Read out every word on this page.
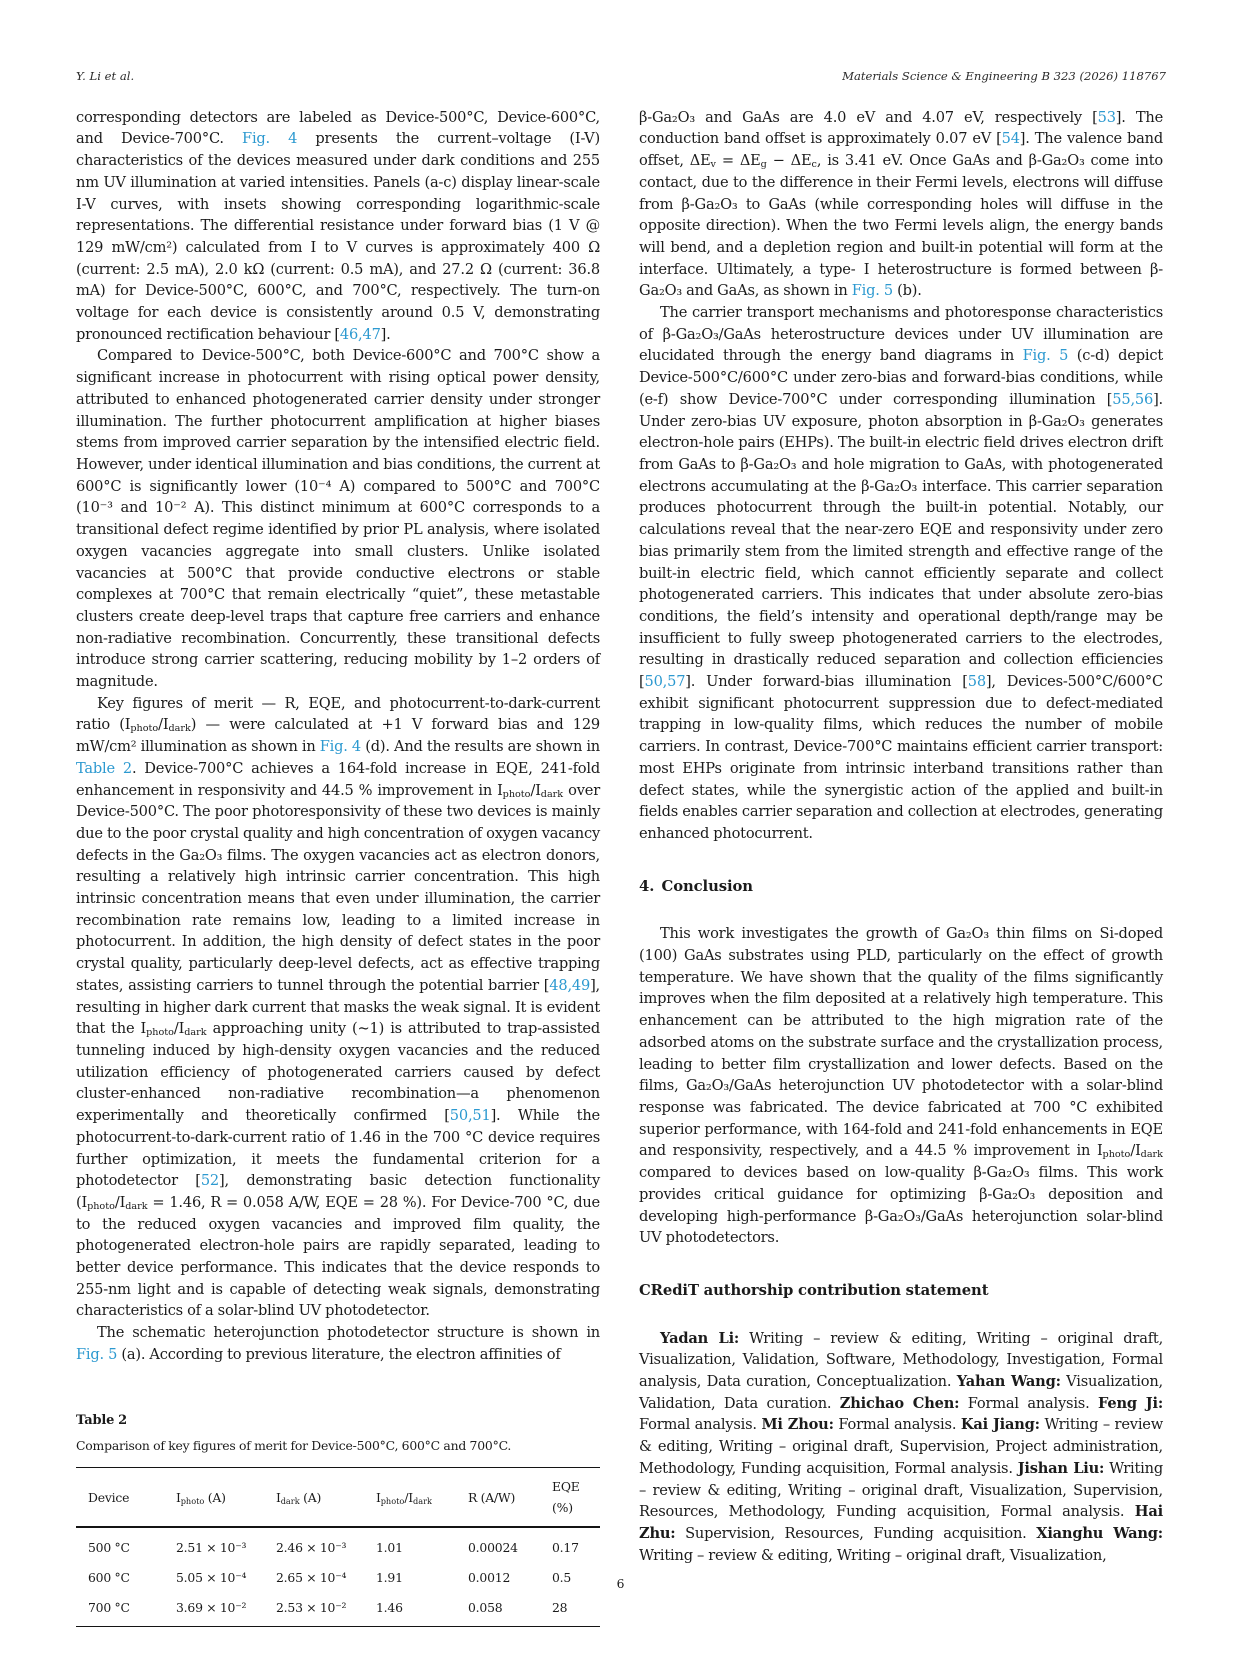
Y. Li et al.	Materials Science & Engineering B 323 (2026) 118767
corresponding detectors are labeled as Device-500°C, Device-600°C, and Device-700°C. Fig. 4 presents the current–voltage (I-V) characteristics of the devices measured under dark conditions and 255 nm UV illumination at varied intensities. Panels (a-c) display linear-scale I-V curves, with insets showing corresponding logarithmic-scale representations. The differential resistance under forward bias (1 V @ 129 mW/cm²) calculated from I to V curves is approximately 400 Ω (current: 2.5 mA), 2.0 kΩ (current: 0.5 mA), and 27.2 Ω (current: 36.8 mA) for Device-500°C, 600°C, and 700°C, respectively. The turn-on voltage for each device is consistently around 0.5 V, demonstrating pronounced rectification behaviour [46,47].
Compared to Device-500°C, both Device-600°C and 700°C show a significant increase in photocurrent with rising optical power density, attributed to enhanced photogenerated carrier density under stronger illumination. The further photocurrent amplification at higher biases stems from improved carrier separation by the intensified electric field. However, under identical illumination and bias conditions, the current at 600°C is significantly lower (10⁻⁴ A) compared to 500°C and 700°C (10⁻³ and 10⁻² A). This distinct minimum at 600°C corresponds to a transitional defect regime identified by prior PL analysis, where isolated oxygen vacancies aggregate into small clusters. Unlike isolated vacancies at 500°C that provide conductive electrons or stable complexes at 700°C that remain electrically “quiet”, these metastable clusters create deep-level traps that capture free carriers and enhance non-radiative recombination. Concurrently, these transitional defects introduce strong carrier scattering, reducing mobility by 1–2 orders of magnitude.
Key figures of merit — R, EQE, and photocurrent-to-dark-current ratio $(I_{photo}/I_{dark})$ — were calculated at +1 V forward bias and 129 mW/cm² illumination as shown in Fig. 4 (d). And the results are shown in Table 2. Device-700°C achieves a 164-fold increase in EQE, 241-fold enhancement in responsivity and 44.5 % improvement in $I_{photo}/I_{dark}$ over Device-500°C. The poor photoresponsivity of these two devices is mainly due to the poor crystal quality and high concentration of oxygen vacancy defects in the Ga₂O₃ films. The oxygen vacancies act as electron donors, resulting a relatively high intrinsic carrier concentration. This high intrinsic concentration means that even under illumination, the carrier recombination rate remains low, leading to a limited increase in photocurrent. In addition, the high density of defect states in the poor crystal quality, particularly deep-level defects, act as effective trapping states, assisting carriers to tunnel through the potential barrier [48,49], resulting in higher dark current that masks the weak signal. It is evident that the $I_{photo}/I_{dark}$ approaching unity (~1) is attributed to trap-assisted tunneling induced by high-density oxygen vacancies and the reduced utilization efficiency of photogenerated carriers caused by defect cluster-enhanced non-radiative recombination—a phenomenon experimentally and theoretically confirmed [50,51]. While the photocurrent-to-dark-current ratio of 1.46 in the 700 °C device requires further optimization, it meets the fundamental criterion for a photodetector [52], demonstrating basic detection functionality ($I_{photo}/I_{dark} = 1.46$, R = 0.058 A/W, EQE = 28 %). For Device-700 °C, due to the reduced oxygen vacancies and improved film quality, the photogenerated electron-hole pairs are rapidly separated, leading to better device performance. This indicates that the device responds to 255-nm light and is capable of detecting weak signals, demonstrating characteristics of a solar-blind UV photodetector.
The schematic heterojunction photodetector structure is shown in Fig. 5 (a). According to previous literature, the electron affinities of
Table 2
Comparison of key figures of merit for Device-500°C, 600°C and 700°C.
Device	$I_{photo}$ (A)	$I_{dark}$ (A)	$I_{photo}/I_{dark}$	R (A/W)	EQE (%)
500 °C	2.51 × 10⁻³	2.46 × 10⁻³	1.01	0.00024	0.17
600 °C	5.05 × 10⁻⁴	2.65 × 10⁻⁴	1.91	0.0012	0.5
700 °C	3.69 × 10⁻²	2.53 × 10⁻²	1.46	0.058	28
β-Ga₂O₃ and GaAs are 4.0 eV and 4.07 eV, respectively [53]. The conduction band offset is approximately 0.07 eV [54]. The valence band offset, $\Delta E_v = \Delta E_g - \Delta E_c$, is 3.41 eV. Once GaAs and β-Ga₂O₃ come into contact, due to the difference in their Fermi levels, electrons will diffuse from β-Ga₂O₃ to GaAs (while corresponding holes will diffuse in the opposite direction). When the two Fermi levels align, the energy bands will bend, and a depletion region and built-in potential will form at the interface. Ultimately, a type- I heterostructure is formed between β-Ga₂O₃ and GaAs, as shown in Fig. 5 (b).
The carrier transport mechanisms and photoresponse characteristics of β-Ga₂O₃/GaAs heterostructure devices under UV illumination are elucidated through the energy band diagrams in Fig. 5 (c-d) depict Device-500°C/600°C under zero-bias and forward-bias conditions, while (e-f) show Device-700°C under corresponding illumination [55,56]. Under zero-bias UV exposure, photon absorption in β-Ga₂O₃ generates electron-hole pairs (EHPs). The built-in electric field drives electron drift from GaAs to β-Ga₂O₃ and hole migration to GaAs, with photogenerated electrons accumulating at the β-Ga₂O₃ interface. This carrier separation produces photocurrent through the built-in potential. Notably, our calculations reveal that the near-zero EQE and responsivity under zero bias primarily stem from the limited strength and effective range of the built-in electric field, which cannot efficiently separate and collect photogenerated carriers. This indicates that under absolute zero-bias conditions, the field’s intensity and operational depth/range may be insufficient to fully sweep photogenerated carriers to the electrodes, resulting in drastically reduced separation and collection efficiencies [50,57]. Under forward-bias illumination [58], Devices-500°C/600°C exhibit significant photocurrent suppression due to defect-mediated trapping in low-quality films, which reduces the number of mobile carriers. In contrast, Device-700°C maintains efficient carrier transport: most EHPs originate from intrinsic interband transitions rather than defect states, while the synergistic action of the applied and built-in fields enables carrier separation and collection at electrodes, generating enhanced photocurrent.
4. Conclusion
This work investigates the growth of Ga₂O₃ thin films on Si-doped (100) GaAs substrates using PLD, particularly on the effect of growth temperature. We have shown that the quality of the films significantly improves when the film deposited at a relatively high temperature. This enhancement can be attributed to the high migration rate of the adsorbed atoms on the substrate surface and the crystallization process, leading to better film crystallization and lower defects. Based on the films, Ga₂O₃/GaAs heterojunction UV photodetector with a solar-blind response was fabricated. The device fabricated at 700 °C exhibited superior performance, with 164-fold and 241-fold enhancements in EQE and responsivity, respectively, and a 44.5 % improvement in $I_{photo}/I_{dark}$ compared to devices based on low-quality β-Ga₂O₃ films. This work provides critical guidance for optimizing β-Ga₂O₃ deposition and developing high-performance β-Ga₂O₃/GaAs heterojunction solar-blind UV photodetectors.
CRediT authorship contribution statement
Yadan Li: Writing – review & editing, Writing – original draft, Visualization, Validation, Software, Methodology, Investigation, Formal analysis, Data curation, Conceptualization. Yahan Wang: Visualization, Validation, Data curation. Zhichao Chen: Formal analysis. Feng Ji: Formal analysis. Mi Zhou: Formal analysis. Kai Jiang: Writing – review & editing, Writing – original draft, Supervision, Project administration, Methodology, Funding acquisition, Formal analysis. Jishan Liu: Writing – review & editing, Writing – original draft, Visualization, Supervision, Resources, Methodology, Funding acquisition, Formal analysis. Hai Zhu: Supervision, Resources, Funding acquisition. Xianghu Wang: Writing – review & editing, Writing – original draft, Visualization,
6
